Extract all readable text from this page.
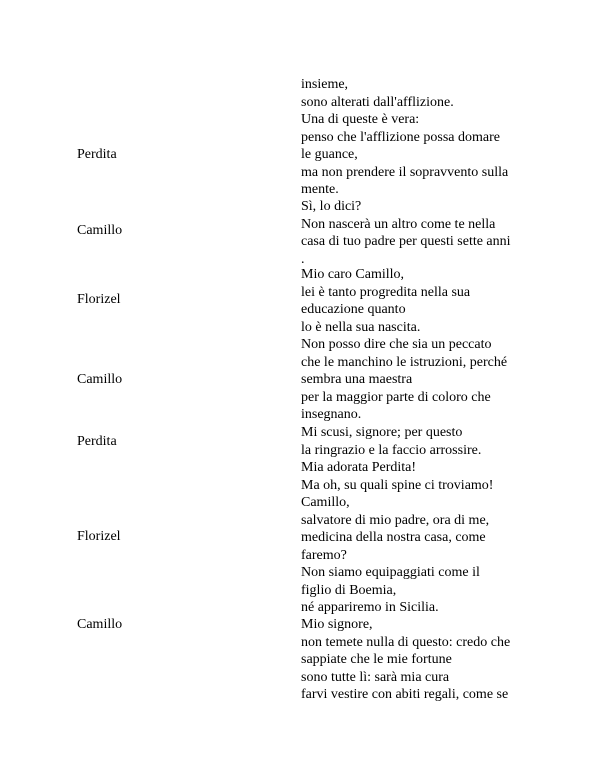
insieme,
sono alterati dall'afflizione.
Perdita
Una di queste è vera:
penso che l'afflizione possa domare
le guance,
ma non prendere il sopravvento sulla
mente.
Camillo
Sì, lo dici?
Non nascerà un altro come te nella
casa di tuo padre per questi sette anni
.
Florizel
Mio caro Camillo,
lei è tanto progredita nella sua
educazione quanto
lo è nella sua nascita.
Camillo
Non posso dire che sia un peccato
che le manchino le istruzioni, perché
sembra una maestra
per la maggior parte di coloro che
insegnano.
Perdita
Mi scusi, signore; per questo
la ringrazio e la faccio arrossire.
Florizel
Mia adorata Perdita!
Ma oh, su quali spine ci troviamo!
Camillo,
salvatore di mio padre, ora di me,
medicina della nostra casa, come
faremo?
Non siamo equipaggiati come il
figlio di Boemia,
né appariremo in Sicilia.
Camillo	Mio signore,
non temete nulla di questo: credo che
sappiate che le mie fortune
sono tutte lì: sarà mia cura
farvi vestire con abiti regali, come se
